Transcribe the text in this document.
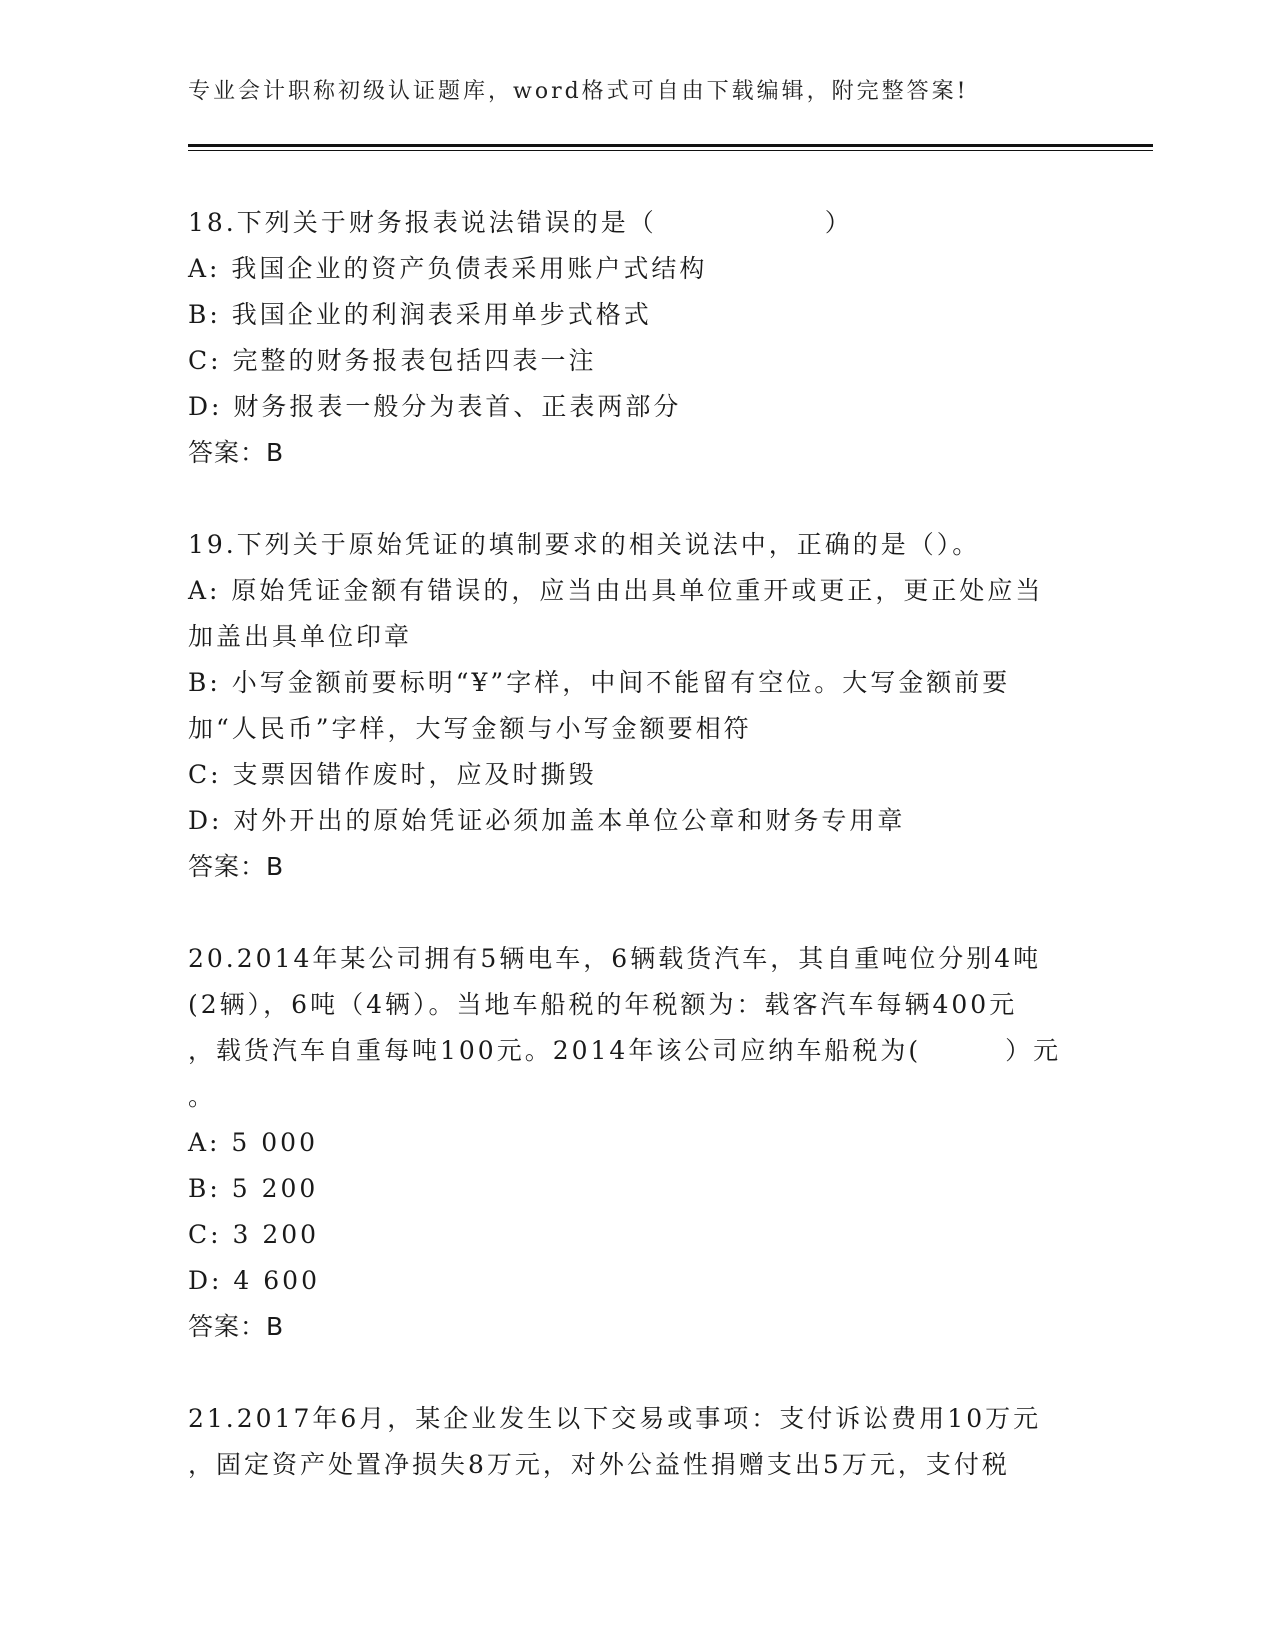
专业会计职称初级认证题库，word格式可自由下载编辑，附完整答案!
18.下列关于财务报表说法错误的是（　　　　　　）
A: 我国企业的资产负债表采用账户式结构
B: 我国企业的利润表采用单步式格式
C: 完整的财务报表包括四表一注
D: 财务报表一般分为表首、正表两部分
答案：B
19.下列关于原始凭证的填制要求的相关说法中，正确的是（）。
A: 原始凭证金额有错误的，应当由出具单位重开或更正，更正处应当
加盖出具单位印章
B: 小写金额前要标明“¥”字样，中间不能留有空位。大写金额前要
加“人民币”字样，大写金额与小写金额要相符
C: 支票因错作废时，应及时撕毁
D: 对外开出的原始凭证必须加盖本单位公章和财务专用章
答案：B
20.2014年某公司拥有5辆电车，6辆载货汽车，其自重吨位分别4吨
(2辆），6吨（4辆）。当地车船税的年税额为：载客汽车每辆400元
，载货汽车自重每吨100元。2014年该公司应纳车船税为(　　　）元
。
A: 5 000
B: 5 200
C: 3 200
D: 4 600
答案：B
21.2017年6月，某企业发生以下交易或事项：支付诉讼费用10万元
，固定资产处置净损失8万元，对外公益性捐赠支出5万元，支付税
